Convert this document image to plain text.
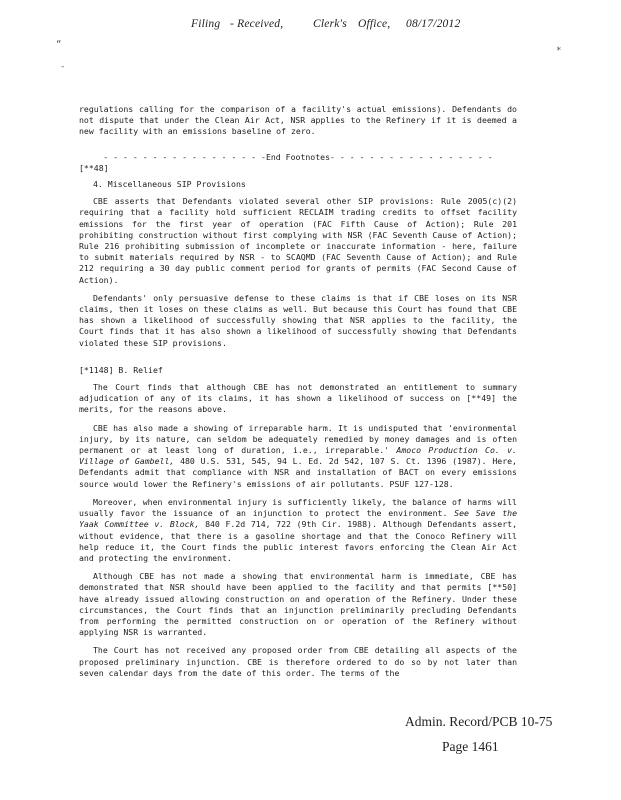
Filing - Received,	Clerk's Office, 08/17/2012
“
*
-

regulations calling for the comparison of a facility's actual emissions). Defendants do not dispute that under the Clean Air Act, NSR applies to the Refinery if it is deemed a new facility with an emissions baseline of zero.

- - - - - - - - - - - - - - - - -End Footnotes- - - - - - - - - - - - - - - - -
[**48]
4. Miscellaneous SIP Provisions

CBE asserts that Defendants violated several other SIP provisions: Rule 2005(c)(2) requiring that a facility hold sufficient RECLAIM trading credits to offset facility emissions for the first year of operation (FAC Fifth Cause of Action); Rule 201 prohibiting construction without first complying with NSR (FAC Seventh Cause of Action); Rule 216 prohibiting submission of incomplete or inaccurate information - here, failure to submit materials required by NSR - to SCAQMD (FAC Seventh Cause of Action); and Rule 212 requiring a 30 day public comment period for grants of permits (FAC Second Cause of Action).

Defendants' only persuasive defense to these claims is that if CBE loses on its NSR claims, then it loses on these claims as well. But because this Court has found that CBE has shown a likelihood of successfully showing that NSR applies to the facility, the Court finds that it has also shown a likelihood of successfully showing that Defendants violated these SIP provisions.

[*1148] B. Relief

The Court finds that although CBE has not demonstrated an entitlement to summary adjudication of any of its claims, it has shown a likelihood of success on [**49] the merits, for the reasons above.

CBE has also made a showing of irreparable harm. It is undisputed that 'environmental injury, by its nature, can seldom be adequately remedied by money damages and is often permanent or at least long of duration, i.e., irreparable.' Amoco Production Co. v. Village of Gambell, 480 U.S. 531, 545, 94 L. Ed. 2d 542, 107 S. Ct. 1396 (1987). Here, Defendants admit that compliance with NSR and installation of BACT on every emissions source would lower the Refinery's emissions of air pollutants. PSUF 127-128.

Moreover, when environmental injury is sufficiently likely, the balance of harms will usually favor the issuance of an injunction to protect the environment. See Save the Yaak Committee v. Block, 840 F.2d 714, 722 (9th Cir. 1988). Although Defendants assert, without evidence, that there is a gasoline shortage and that the Conoco Refinery will help reduce it, the Court finds the public interest favors enforcing the Clean Air Act and protecting the environment.

Although CBE has not made a showing that environmental harm is immediate, CBE has demonstrated that NSR should have been applied to the facility and that permits [**50] have already issued allowing construction on and operation of the Refinery. Under these circumstances, the Court finds that an injunction preliminarily precluding Defendants from performing the permitted construction on or operation of the Refinery without applying NSR is warranted.

The Court has not received any proposed order from CBE detailing all aspects of the proposed preliminary injunction. CBE is therefore ordered to do so by not later than seven calendar days from the date of this order. The terms of the

Admin. Record/PCB 10-75
Page 1461
